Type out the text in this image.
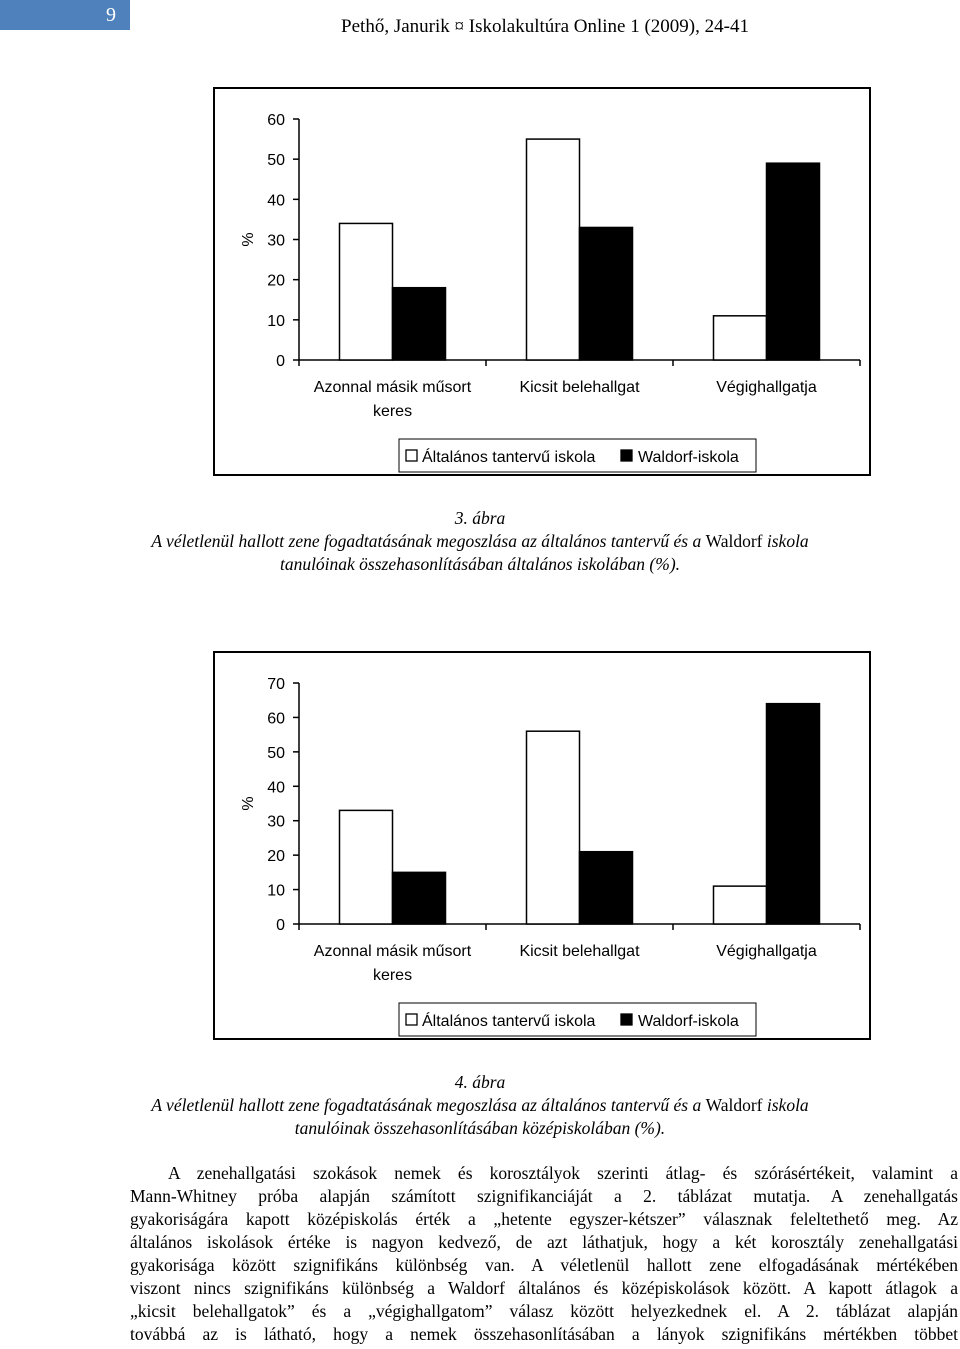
9
Pethő, Janurik ¤ Iskolakultúra Online 1 (2009), 24-41
0
10
20
30
40
50
60
%
Azonnal másik műsort
keres
Kicsit belehallgat	Végighallgatja
Általános tantervű iskola	Waldorf-iskola
3. ábra
A véletlenül hallott zene fogadtatásának megoszlása az általános tantervű és a Waldorf iskola
tanulóinak összehasonlításában általános iskolában (%).
0
10
20
30
40
50
60
70
%
Azonnal másik műsort
keres
Kicsit belehallgat	Végighallgatja
Általános tantervű iskola	Waldorf-iskola
4. ábra
A véletlenül hallott zene fogadtatásának megoszlása az általános tantervű és a Waldorf iskola
tanulóinak összehasonlításában középiskolában (%).
A zenehallgatási szokások nemek és korosztályok szerinti átlag- és szórásértékeit, valamint a
Mann-Whitney próba alapján számított szignifikanciáját a 2. táblázat mutatja. A zenehallgatás
gyakoriságára kapott középiskolás érték a „hetente egyszer-kétszer” válasznak feleltethető meg. Az
általános iskolások értéke is nagyon kedvező, de azt láthatjuk, hogy a két korosztály zenehallgatási
gyakorisága között szignifikáns különbség van. A véletlenül hallott zene elfogadásának mértékében
viszont nincs szignifikáns különbség a Waldorf általános és középiskolások között. A kapott átlagok a
„kicsit belehallgatok” és a „végighallgatom” válasz között helyezkednek el. A 2. táblázat alapján
továbbá az is látható, hogy a nemek összehasonlításában a lányok szignifikáns mértékben többet
